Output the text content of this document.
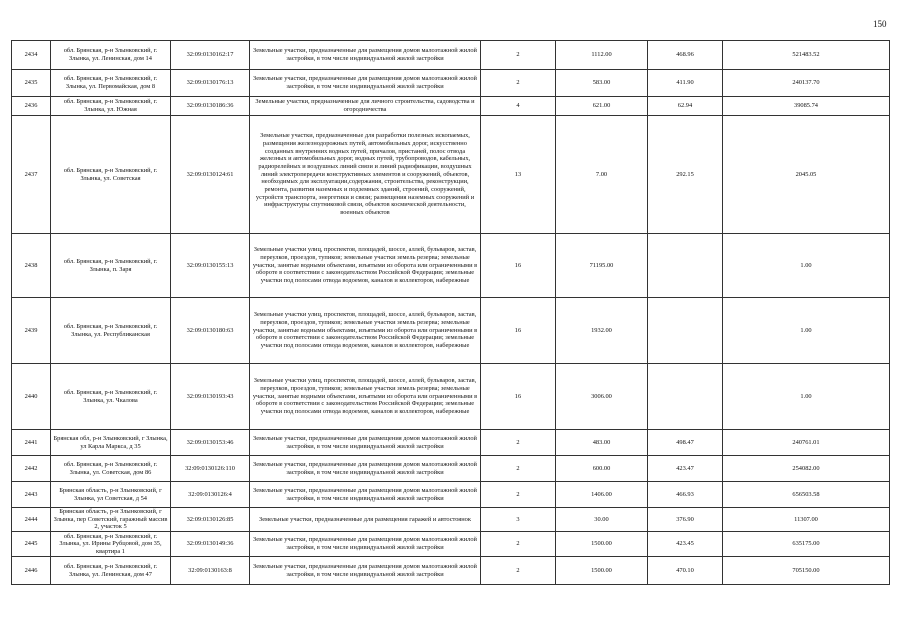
150
2434	обл. Брянская, р-н Злынковский, г. Злынка, ул. Ленинская, дом 14	32:09:0130162:17	Земельные участки, предназначенные для размещения домов малоэтажной жилой застройки, в том числе индивидуальной жилой застройки	2	1112.00	468.96	521483.52
2435	обл. Брянская, р-н Злынковский, г. Злынка, ул. Первомайская, дом 8	32:09:0130176:13	Земельные участки, предназначенные для размещения домов малоэтажной жилой застройки, в том числе индивидуальной жилой застройки	2	583.00	411.90	240137.70
2436	обл. Брянская, р-н Злынковский, г. Злынка, ул. Южная	32:09:0130186:36	Земельные участки, предназначенные для личного строительства, садоводства и огородничества	4	621.00	62.94	39085.74
2437	обл. Брянская, р-н Злынковский, г. Злынка, ул. Советская	32:09:0130124:61	Земельные участки, предназначенные для разработки полезных ископаемых, размещения железнодорожных путей, автомобильных дорог, искусственно созданных внутренних водных путей, причалов, пристаней, полос отвода железных и автомобильных дорог, водных путей, трубопроводов, кабельных, радиорелейных и воздушных линий связи и линий радиофикации, воздушных линий электропередачи конструктивных элементов и сооружений, объектов, необходимых для эксплуатации,содержания, строительства, реконструкции, ремонта, развития наземных и подземных зданий, строений, сооружений, устройств транспорта, энергетики и связи; размещения наземных сооружений и инфраструктуры спутниковой связи, объектов космической деятельности, военных объектов	13	7.00	292.15	2045.05
2438	обл. Брянская, р-н Злынковский, г. Злынка, п. Заря	32:09:0130155:13	Земельные участки улиц, проспектов, площадей, шоссе, аллей, бульваров, застав, переулков, проездов, тупиков; земельные участки земель резерва; земельные участки, занятые водными объектами, изъятыми из оборота или ограниченными в обороте в соответствии с законодательством Российской Федерации; земельные участки под полосами отвода водоемов, каналов и коллекторов, набережные	16	71195.00		1.00
2439	обл. Брянская, р-н Злынковский, г. Злынка, ул. Республиканская	32:09:0130180:63	Земельные участки улиц, проспектов, площадей, шоссе, аллей, бульваров, застав, переулков, проездов, тупиков; земельные участки земель резерва; земельные участки, занятые водными объектами, изъятыми из оборота или ограниченными в обороте в соответствии с законодательством Российской Федерации; земельные участки под полосами отвода водоемов, каналов и коллекторов, набережные	16	1932.00		1.00
2440	обл. Брянская, р-н Злынковский, г. Злынка, ул. Чкалова	32:09:0130193:43	Земельные участки улиц, проспектов, площадей, шоссе, аллей, бульваров, застав, переулков, проездов, тупиков; земельные участки земель резерва; земельные участки, занятые водными объектами, изъятыми из оборота или ограниченными в обороте в соответствии с законодательством Российской Федерации; земельные участки под полосами отвода водоемов, каналов и коллекторов, набережные	16	3006.00		1.00
2441	Брянская обл, р-н Злынковский, г Злынка, ул Карла Маркса, д 35	32:09:0130153:46	Земельные участки, предназначенные для размещения домов малоэтажной жилой застройки, в том числе индивидуальной жилой застройки	2	483.00	498.47	240761.01
2442	обл. Брянская, р-н Злынковский, г. Злынка, ул. Советская, дом 86	32:09:0130126:110	Земельные участки, предназначенные для размещения домов малоэтажной жилой застройки, в том числе индивидуальной жилой застройки	2	600.00	423.47	254082.00
2443	Брянская область, р-н Злынковский, г Злынка, ул Советская, д 54	32:09:0130126:4	Земельные участки, предназначенные для размещения домов малоэтажной жилой застройки, в том числе индивидуальной жилой застройки	2	1406.00	466.93	656503.58
2444	Брянская область, р-н Злынковский, г Злынка, пер Советский, гаражный массив 2, участок 5	32:09:0130126:85	Земельные участки, предназначенные для размещения гаражей и автостоянок	3	30.00	376.90	11307.00
2445	обл. Брянская, р-н Злынковский, г. Злынка, ул. Ирины Рубцовой, дом 35, квартира 1	32:09:0130149:36	Земельные участки, предназначенные для размещения домов малоэтажной жилой застройки, в том числе индивидуальной жилой застройки	2	1500.00	423.45	635175.00
2446	обл. Брянская, р-н Злынковский, г. Злынка, ул. Ленинская, дом 47	32:09:0130163:8	Земельные участки, предназначенные для размещения домов малоэтажной жилой застройки, в том числе индивидуальной жилой застройки	2	1500.00	470.10	705150.00
